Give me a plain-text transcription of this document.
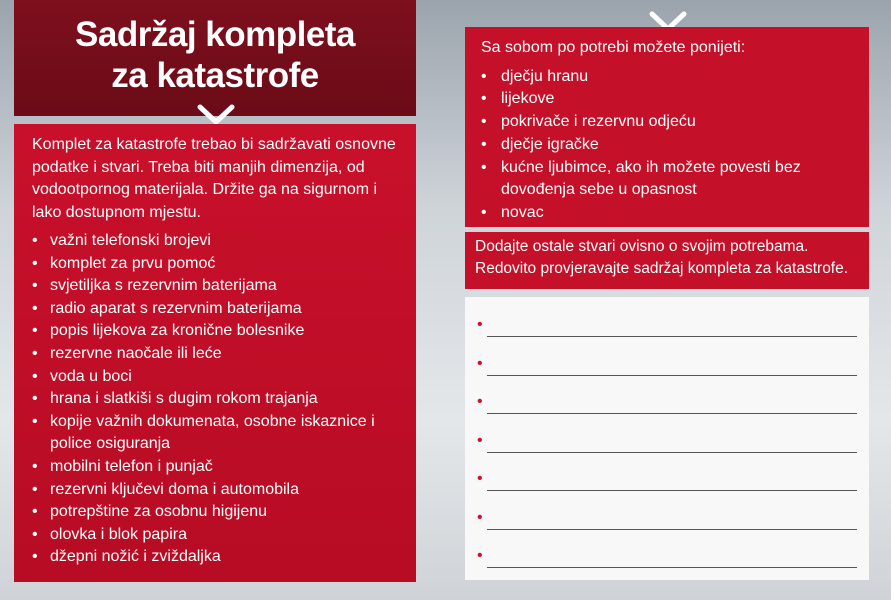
Sadržaj kompleta
za katastrofe

Komplet za katastrofe trebao bi sadržavati osnovne podatke i stvari. Treba biti manjih dimenzija, od vodootpornog materijala. Držite ga na sigurnom i lako dostupnom mjestu.

• važni telefonski brojevi
• komplet za prvu pomoć
• svjetiljka s rezervnim baterijama
• radio aparat s rezervnim baterijama
• popis lijekova za kronične bolesnike
• rezervne naočale ili leće
• voda u boci
• hrana i slatkiši s dugim rokom trajanja
• kopije važnih dokumenata, osobne iskaznice i police osiguranja
• mobilni telefon i punjač
• rezervni ključevi doma i automobila
• potrepštine za osobnu higijenu
• olovka i blok papira
• džepni nožić i zviždaljka

Sa sobom po potrebi možete ponijeti:

• dječju hranu
• lijekove
• pokrivače i rezervnu odjeću
• dječje igračke
• kućne ljubimce, ako ih možete povesti bez dovođenja sebe u opasnost
• novac
Dodajte ostale stvari ovisno o svojim potrebama. Redovito provjeravajte sadržaj kompleta za katastrofe.
•
•
•
•
•
•
•
